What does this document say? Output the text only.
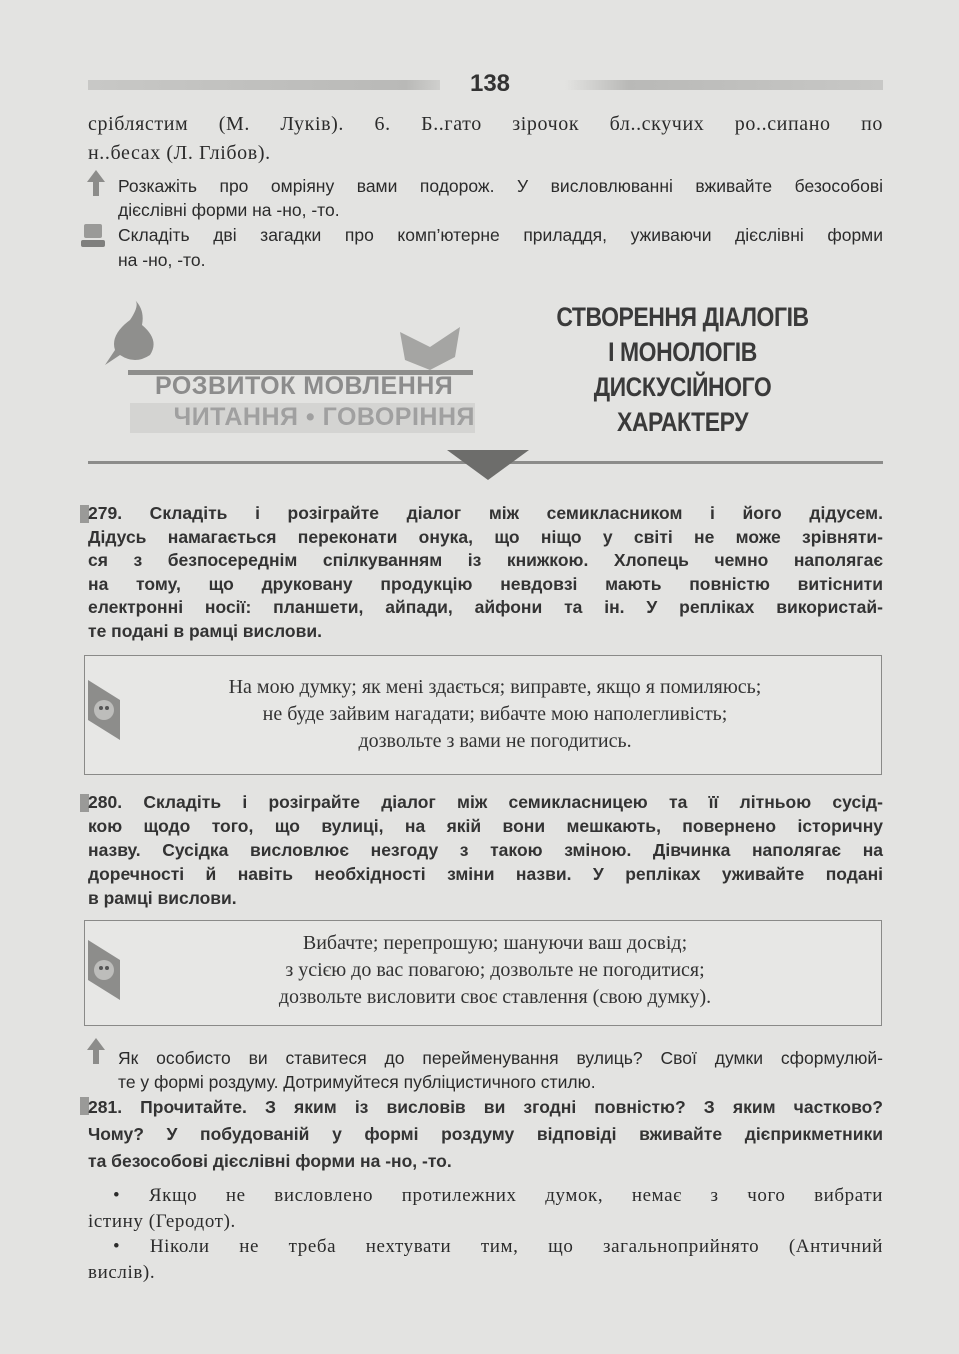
138
сріблястим (М. Луків). 6. Б..гато зірочок бл..скучих ро..сипано по
н..бесах (Л. Глібов).
Розкажіть про омріяну вами подорож. У висловлюванні вживайте безособові
дієслівні форми на -но, -то.
Складіть дві загадки про комп’ютерне приладдя, уживаючи дієслівні форми
на -но, -то.
РОЗВИТОК МОВЛЕННЯ
ЧИТАННЯ • ГОВОРІННЯ
СТВОРЕННЯ ДІАЛОГІВ
І МОНОЛОГІВ
ДИСКУСІЙНОГО
ХАРАКТЕРУ
279. Складіть і розіграйте діалог між семикласником і його дідусем.
Дідусь намагається переконати онука, що ніщо у світі не може зрівняти-
ся з безпосереднім спілкуванням із книжкою. Хлопець чемно наполягає
на тому, що друковану продукцію невдовзі мають повністю витіснити
електронні носії: планшети, айпади, айфони та ін. У репліках використай-
те подані в рамці вислови.
На мою думку; як мені здається; виправте, якщо я помиляюсь;
не буде зайвим нагадати; вибачте мою наполегливість;
дозвольте з вами не погодитись.
280. Складіть і розіграйте діалог між семикласницею та її літньою сусід-
кою щодо того, що вулиці, на якій вони мешкають, повернено історичну
назву. Сусідка висловлює незгоду з такою зміною. Дівчинка наполягає на
доречності й навіть необхідності зміни назви. У репліках уживайте подані
в рамці вислови.
Вибачте; перепрошую; шануючи ваш досвід;
з усією до вас повагою; дозвольте не погодитися;
дозвольте висловити своє ставлення (свою думку).
Як особисто ви ставитеся до перейменування вулиць? Свої думки сформулюй-
те у формі роздуму. Дотримуйтеся публіцистичного стилю.
281. Прочитайте. З яким із висловів ви згодні повністю? З яким частково?
Чому? У побудованій у формі роздуму відповіді вживайте дієприкметники
та безособові дієслівні форми на -но, -то.
• Якщо не висловлено протилежних думок, немає з чого вибрати
істину (Геродот).
• Ніколи не треба нехтувати тим, що загальноприйнято (Античний
вислів).
